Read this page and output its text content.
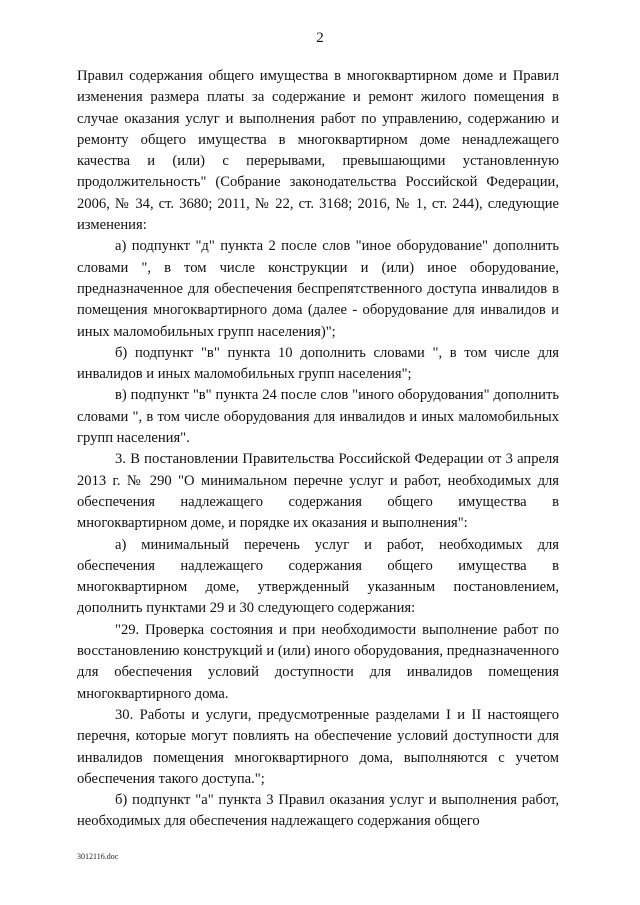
2

Правил содержания общего имущества в многоквартирном доме и Правил изменения размера платы за содержание и ремонт жилого помещения в случае оказания услуг и выполнения работ по управлению, содержанию и ремонту общего имущества в многоквартирном доме ненадлежащего качества и (или) с перерывами, превышающими установленную продолжительность" (Собрание законодательства Российской Федерации, 2006, № 34, ст. 3680; 2011, № 22, ст. 3168; 2016, № 1, ст. 244), следующие изменения:

а) подпункт "д" пункта 2 после слов "иное оборудование" дополнить словами ", в том числе конструкции и (или) иное оборудование, предназначенное для обеспечения беспрепятственного доступа инвалидов в помещения многоквартирного дома (далее - оборудование для инвалидов и иных маломобильных групп населения)";

б) подпункт "в" пункта 10 дополнить словами ", в том числе для инвалидов и иных маломобильных групп населения";

в) подпункт "в" пункта 24 после слов "иного оборудования" дополнить словами ", в том числе оборудования для инвалидов и иных маломобильных групп населения".

3. В постановлении Правительства Российской Федерации от 3 апреля 2013 г. № 290 "О минимальном перечне услуг и работ, необходимых для обеспечения надлежащего содержания общего имущества в многоквартирном доме, и порядке их оказания и выполнения":

а) минимальный перечень услуг и работ, необходимых для обеспечения надлежащего содержания общего имущества в многоквартирном доме, утвержденный указанным постановлением, дополнить пунктами 29 и 30 следующего содержания:

"29. Проверка состояния и при необходимости выполнение работ по восстановлению конструкций и (или) иного оборудования, предназначенного для обеспечения условий доступности для инвалидов помещения многоквартирного дома.

30. Работы и услуги, предусмотренные разделами I и II настоящего перечня, которые могут повлиять на обеспечение условий доступности для инвалидов помещения многоквартирного дома, выполняются с учетом обеспечения такого доступа.";

б) подпункт "а" пункта 3 Правил оказания услуг и выполнения работ, необходимых для обеспечения надлежащего содержания общего

3012116.doc
